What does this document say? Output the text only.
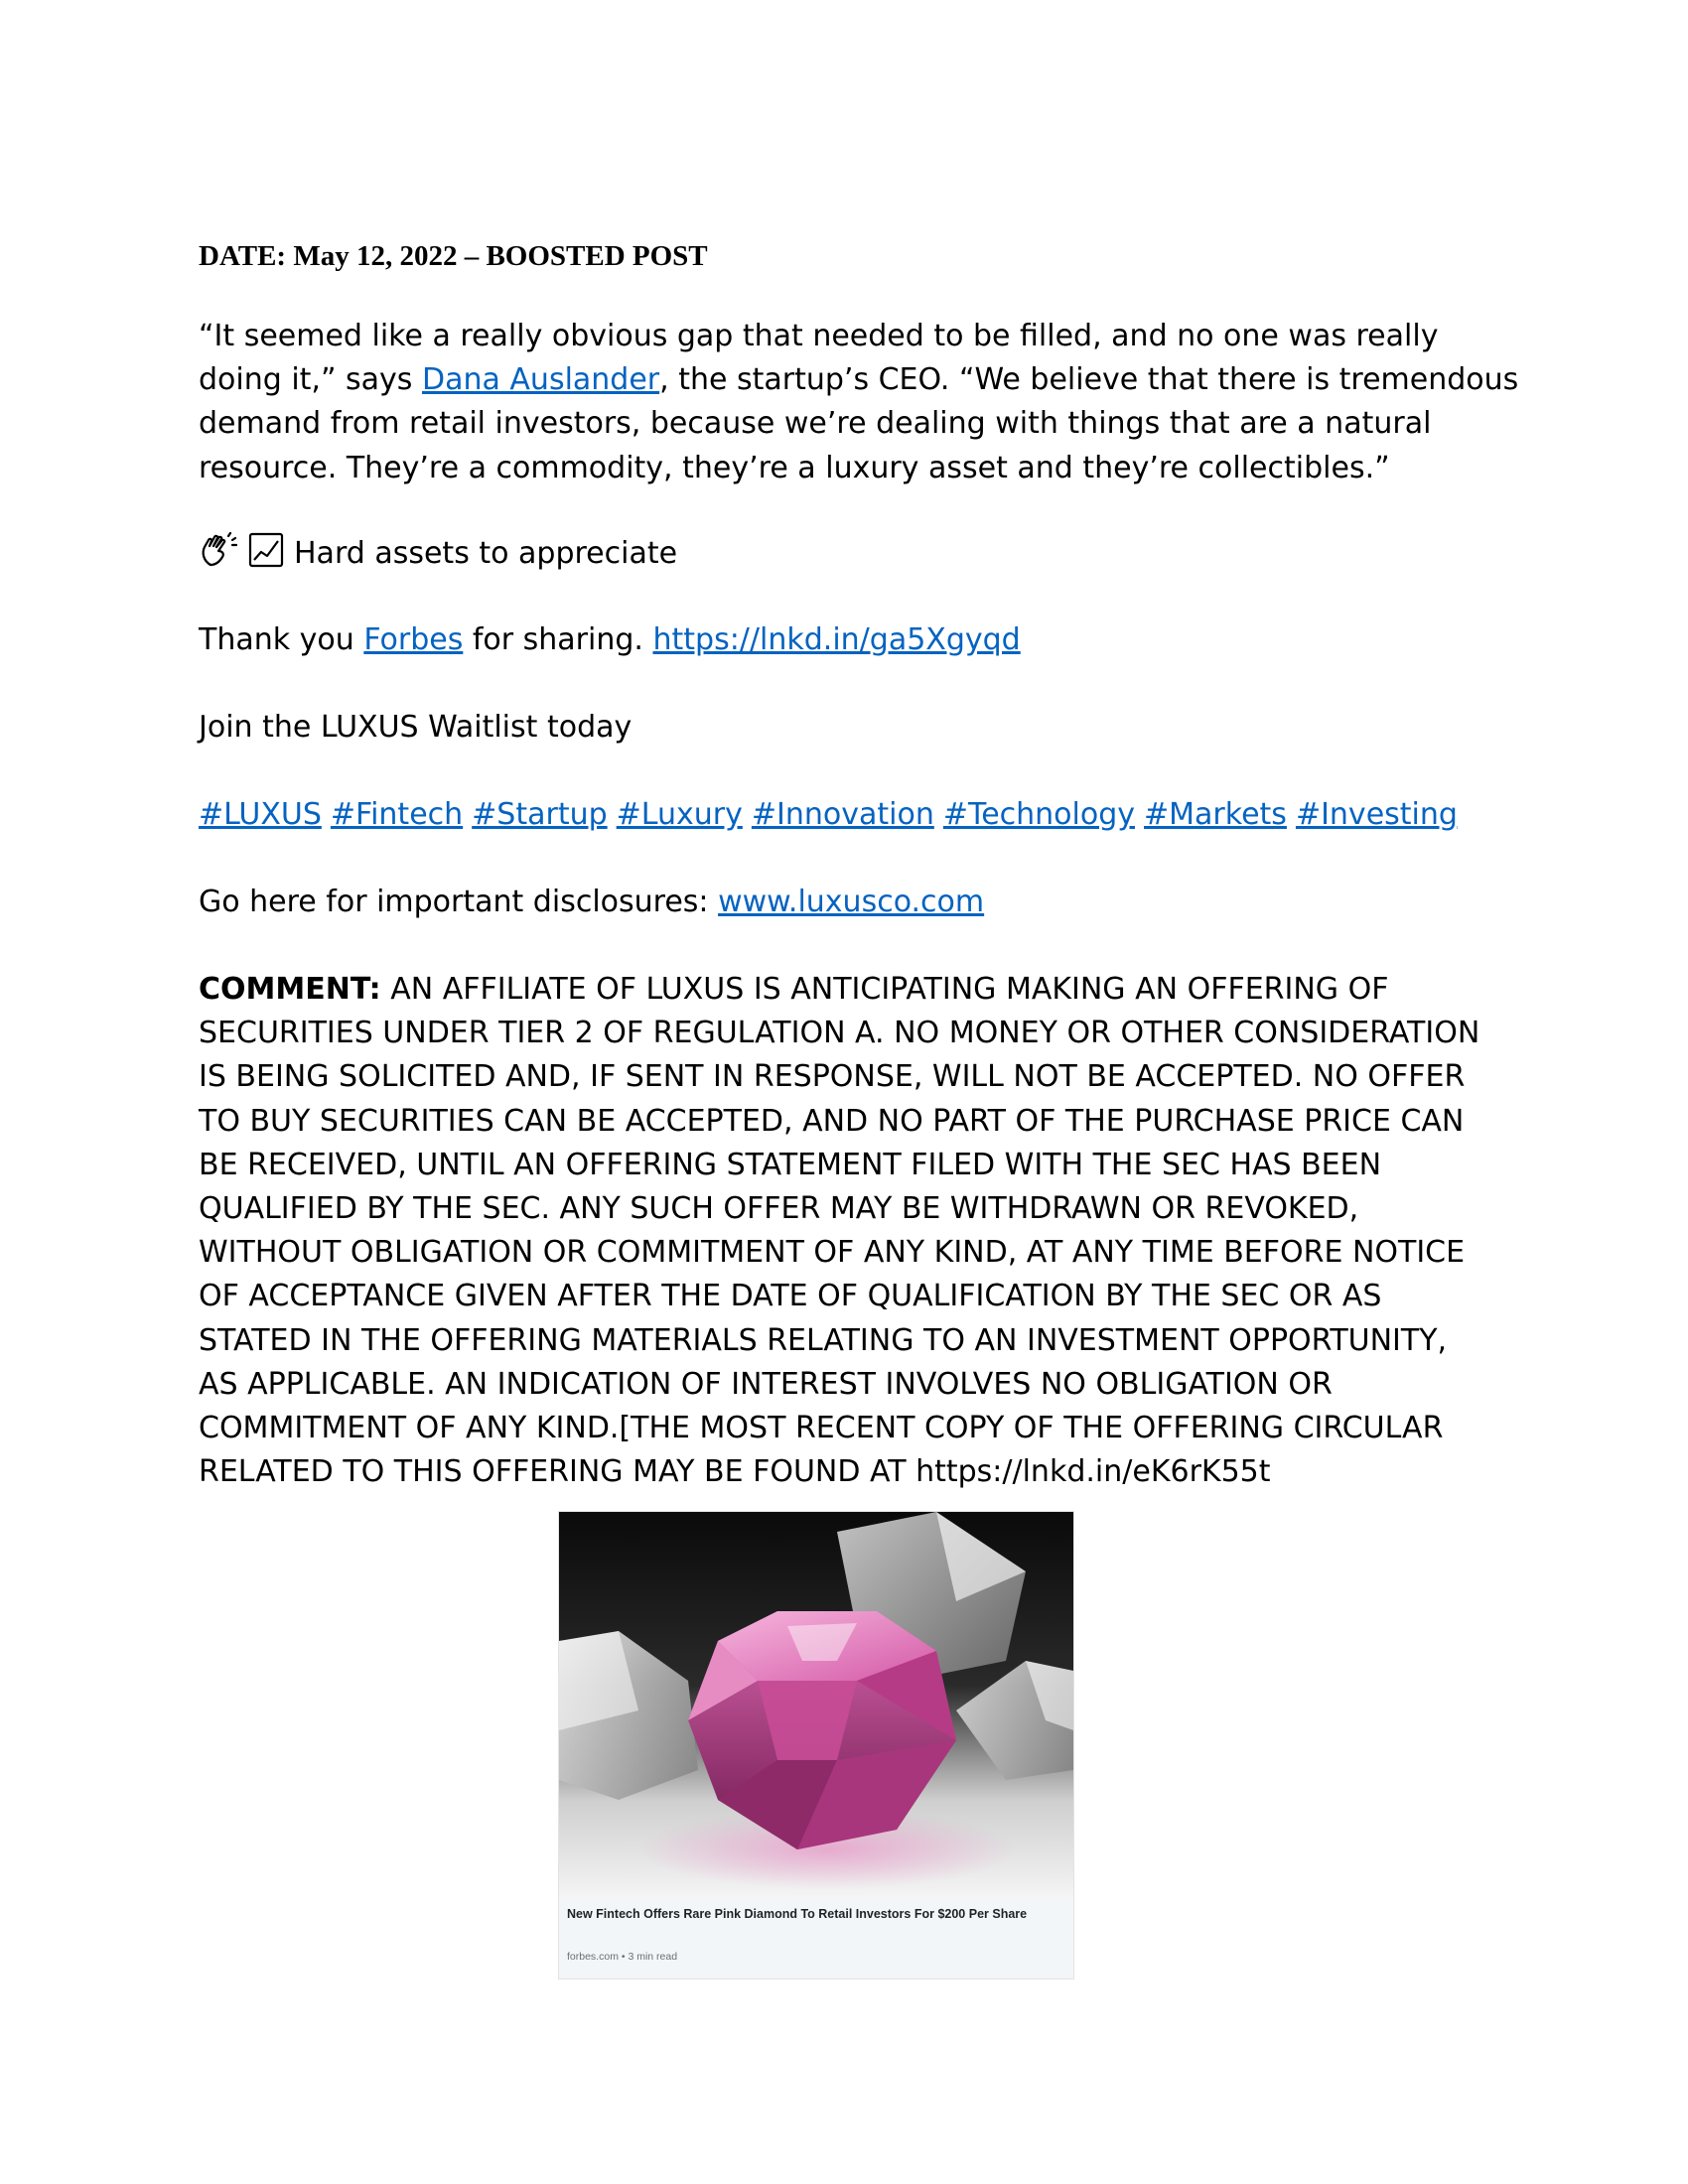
DATE: May 12, 2022 – BOOSTED POST
“It seemed like a really obvious gap that needed to be filled, and no one was really
doing it,” says Dana Auslander, the startup’s CEO. “We believe that there is tremendous
demand from retail investors, because we’re dealing with things that are a natural
resource. They’re a commodity, they’re a luxury asset and they’re collectibles.”
Hard assets to appreciate
Thank you Forbes for sharing. https://lnkd.in/ga5Xgyqd
Join the LUXUS Waitlist today
#LUXUS #Fintech #Startup #Luxury #Innovation #Technology #Markets #Investing
Go here for important disclosures: www.luxusco.com
COMMENT: AN AFFILIATE OF LUXUS IS ANTICIPATING MAKING AN OFFERING OF
SECURITIES UNDER TIER 2 OF REGULATION A. NO MONEY OR OTHER CONSIDERATION
IS BEING SOLICITED AND, IF SENT IN RESPONSE, WILL NOT BE ACCEPTED. NO OFFER
TO BUY SECURITIES CAN BE ACCEPTED, AND NO PART OF THE PURCHASE PRICE CAN
BE RECEIVED, UNTIL AN OFFERING STATEMENT FILED WITH THE SEC HAS BEEN
QUALIFIED BY THE SEC. ANY SUCH OFFER MAY BE WITHDRAWN OR REVOKED,
WITHOUT OBLIGATION OR COMMITMENT OF ANY KIND, AT ANY TIME BEFORE NOTICE
OF ACCEPTANCE GIVEN AFTER THE DATE OF QUALIFICATION BY THE SEC OR AS
STATED IN THE OFFERING MATERIALS RELATING TO AN INVESTMENT OPPORTUNITY,
AS APPLICABLE. AN INDICATION OF INTEREST INVOLVES NO OBLIGATION OR
COMMITMENT OF ANY KIND.[THE MOST RECENT COPY OF THE OFFERING CIRCULAR
RELATED TO THIS OFFERING MAY BE FOUND AT https://lnkd.in/eK6rK55t
New Fintech Offers Rare Pink Diamond To Retail Investors For $200 Per Share
forbes.com • 3 min read
